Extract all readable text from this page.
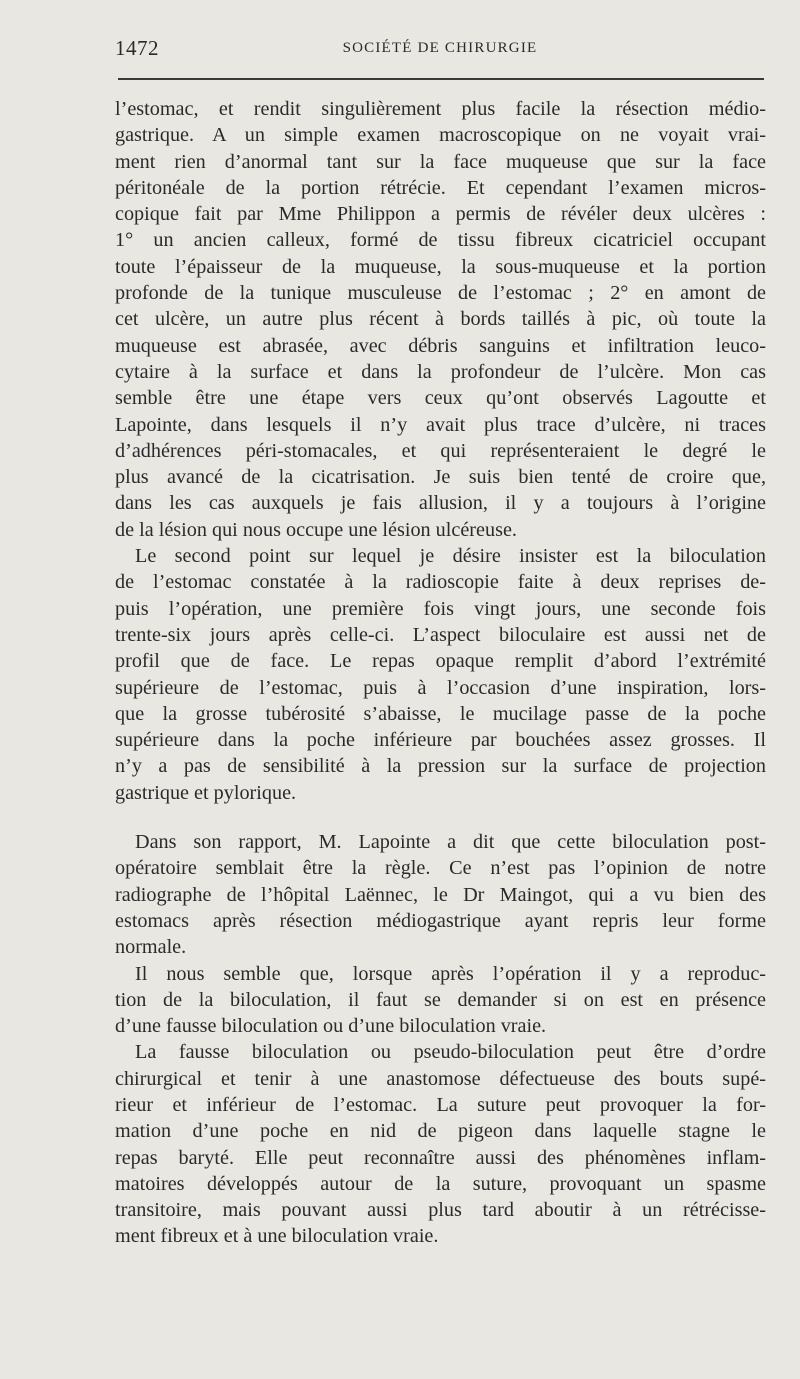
1472	SOCIÉTÉ DE CHIRURGIE
l’estomac, et rendit singulièrement plus facile la résection médio-
gastrique. A un simple examen macroscopique on ne voyait vrai-
ment rien d’anormal tant sur la face muqueuse que sur la face
péritonéale de la portion rétrécie. Et cependant l’examen micros-
copique fait par Mme Philippon a permis de révéler deux ulcères :
1° un ancien calleux, formé de tissu fibreux cicatriciel occupant
toute l’épaisseur de la muqueuse, la sous-muqueuse et la portion
profonde de la tunique musculeuse de l’estomac ; 2° en amont de
cet ulcère, un autre plus récent à bords taillés à pic, où toute la
muqueuse est abrasée, avec débris sanguins et infiltration leuco-
cytaire à la surface et dans la profondeur de l’ulcère. Mon cas
semble être une étape vers ceux qu’ont observés Lagoutte et
Lapointe, dans lesquels il n’y avait plus trace d’ulcère, ni traces
d’adhérences péri-stomacales, et qui représenteraient le degré le
plus avancé de la cicatrisation. Je suis bien tenté de croire que,
dans les cas auxquels je fais allusion, il y a toujours à l’origine
de la lésion qui nous occupe une lésion ulcéreuse.
Le second point sur lequel je désire insister est la biloculation
de l’estomac constatée à la radioscopie faite à deux reprises de-
puis l’opération, une première fois vingt jours, une seconde fois
trente-six jours après celle-ci. L’aspect biloculaire est aussi net de
profil que de face. Le repas opaque remplit d’abord l’extrémité
supérieure de l’estomac, puis à l’occasion d’une inspiration, lors-
que la grosse tubérosité s’abaisse, le mucilage passe de la poche
supérieure dans la poche inférieure par bouchées assez grosses. Il
n’y a pas de sensibilité à la pression sur la surface de projection
gastrique et pylorique.
Dans son rapport, M. Lapointe a dit que cette biloculation post-
opératoire semblait être la règle. Ce n’est pas l’opinion de notre
radiographe de l’hôpital Laënnec, le Dr Maingot, qui a vu bien des
estomacs après résection médiogastrique ayant repris leur forme
normale.
Il nous semble que, lorsque après l’opération il y a reproduc-
tion de la biloculation, il faut se demander si on est en présence
d’une fausse biloculation ou d’une biloculation vraie.
La fausse biloculation ou pseudo-biloculation peut être d’ordre
chirurgical et tenir à une anastomose défectueuse des bouts supé-
rieur et inférieur de l’estomac. La suture peut provoquer la for-
mation d’une poche en nid de pigeon dans laquelle stagne le
repas baryté. Elle peut reconnaître aussi des phénomènes inflam-
matoires développés autour de la suture, provoquant un spasme
transitoire, mais pouvant aussi plus tard aboutir à un rétrécisse-
ment fibreux et à une biloculation vraie.
